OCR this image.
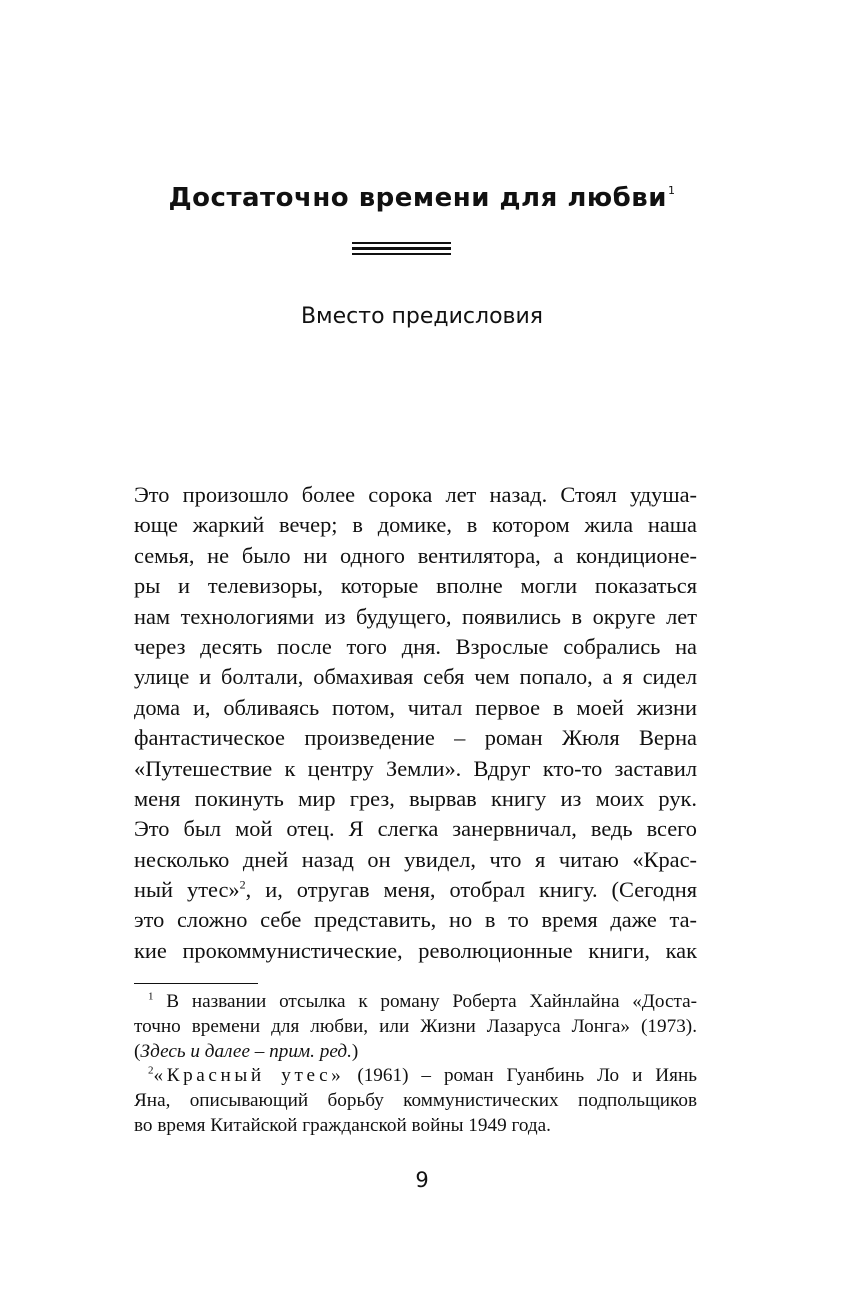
Достаточно времени для любви$^1$
Вместо предисловия
Это произошло более сорока лет назад. Стоял удуша-
юще жаркий вечер; в домике, в котором жила наша
семья, не было ни одного вентилятора, а кондиционе-
ры и телевизоры, которые вполне могли показаться
нам технологиями из будущего, появились в округе лет
через десять после того дня. Взрослые собрались на
улице и болтали, обмахивая себя чем попало, а я сидел
дома и, обливаясь потом, читал первое в моей жизни
фантастическое произведение – роман Жюля Верна
«Путешествие к центру Земли». Вдруг кто-то заставил
меня покинуть мир грез, вырвав книгу из моих рук.
Это был мой отец. Я слегка занервничал, ведь всего
несколько дней назад он увидел, что я читаю «Крас-
ный утес»$^2$, и, отругав меня, отобрал книгу. (Сегодня
это сложно себе представить, но в то время даже та-
кие прокоммунистические, революционные книги, как
$^1$ В названии отсылка к роману Роберта Хайнлайна «Доста-
точно времени для любви, или Жизни Лазаруса Лонга» (1973).
(Здесь и далее – прим. ред.)
$^2$«Красный утес» (1961) – роман Гуанбинь Ло и Иянь
Яна, описывающий борьбу коммунистических подпольщиков
во время Китайской гражданской войны 1949 года.
9
